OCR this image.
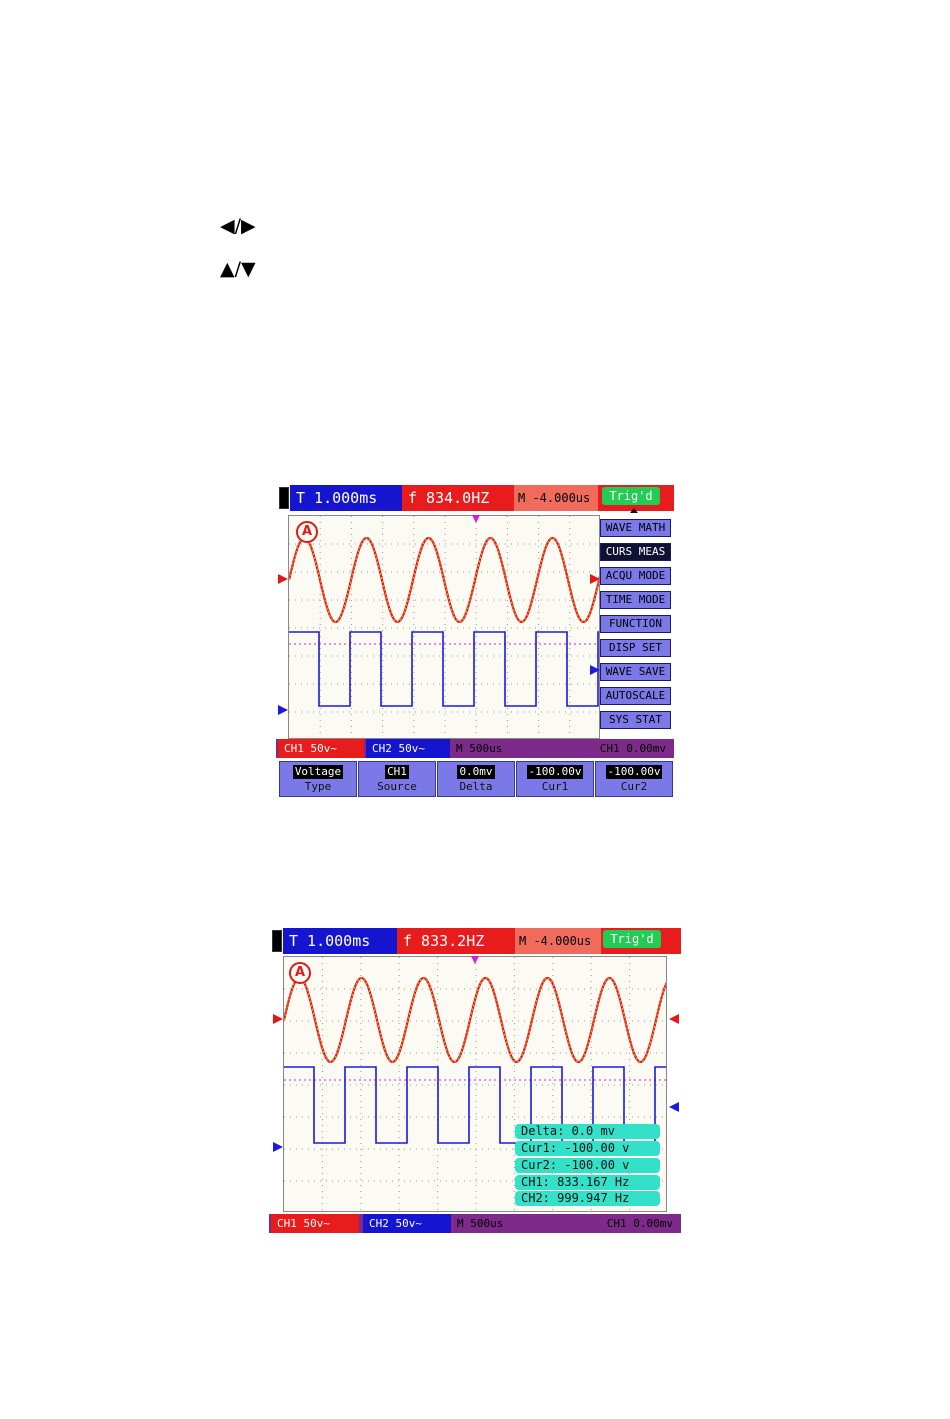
◀/▶
▲/▼
T 1.000ms	f 834.0HZ	M -4.000us	Trig'd
A	WAVE MATH
CURS MEAS
ACQU MODE
TIME MODE
FUNCTION
DISP SET
WAVE SAVE
AUTOSCALE
SYS STAT
CH1 50v~	CH2 50v~	M 500us	CH1 0.00mv
Voltage
Type
CH1
Source
0.0mv
Delta
-100.00v
Cur1
-100.00v
Cur2
T 1.000ms	f 833.2HZ	M -4.000us	Trig'd
A
Delta: 0.0 mv
Cur1: -100.00 v
Cur2: -100.00 v
CH1: 833.167 Hz
CH2: 999.947 Hz
CH1 50v~	CH2 50v~	M 500us	CH1 0.00mv
